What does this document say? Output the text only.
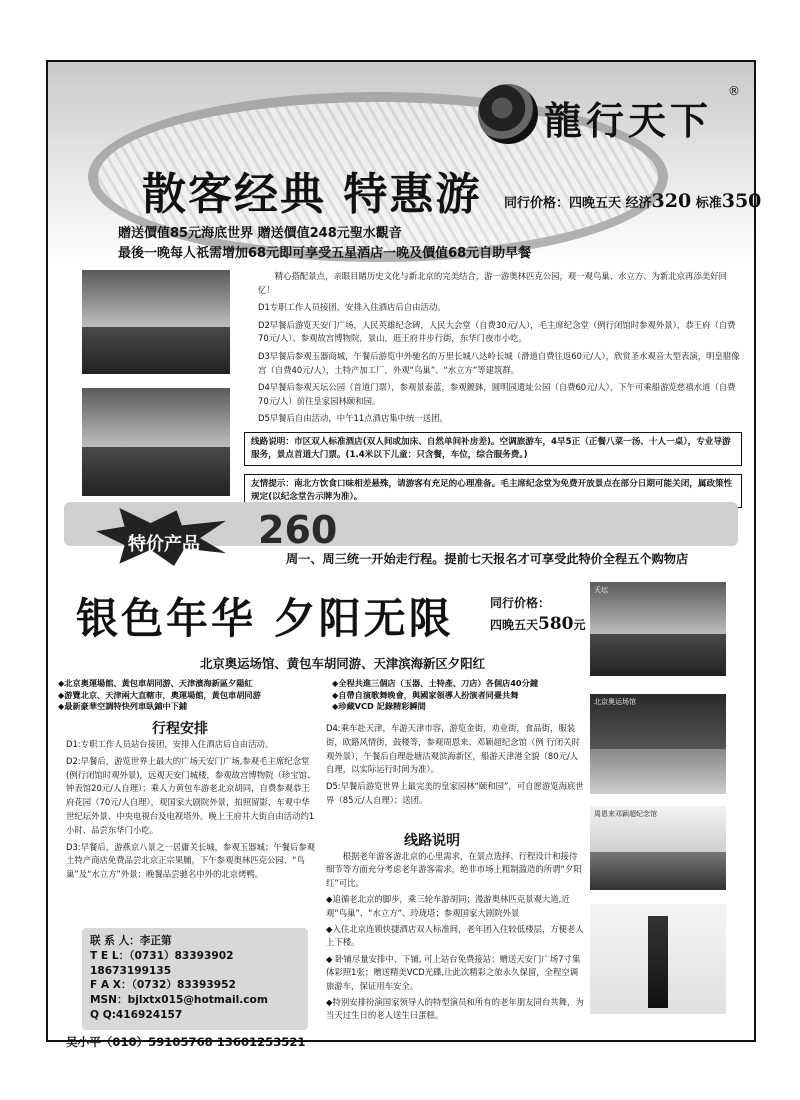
龍行天下
®
散客经典 特惠游 同行价格：四晚五天 经济320 标准350
贈送價值85元海底世界 贈送價值248元聖水觀音
最後一晚每人祇需增加68元即可享受五星酒店一晚及價值68元自助早餐

精心搭配景点，亲眼目睹历史文化与新北京的完美结合，游一游奥林匹克公园，观一观鸟巢、水立方、为新北京再添美好回忆！

D1专职工作人员接团，安排入住酒店后自由活动。

D2早餐后游览天安门广场，人民英雄纪念碑，人民大会堂（自费30元/人），毛主席纪念堂（例行闭馆时参观外景），恭王府（自费70元/人）。参观故宫博物院，景山，逛王府井步行街，东华门夜市小吃。

D3早餐后参观玉器商城，午餐后游览中外驰名的万里长城八达岭长城（滑道自费往返60元/人），欣赏圣水观音大型表演，明皇腊像宫（自费40元/人），土特产加工厂，外观“鸟巢”、“水立方”等建筑群。

D4早餐后参观天坛公园（首道门票），参观景泰蓝，参观鍍鉢，圆明园遗址公园（自费60元/人），下午可乘船游览慈禧水道（自费70元/人）前往皇家园林颐和园。

D5早餐后自由活动，中午11点酒店集中统一送团。

线路说明：市区双人标准酒店(双人间或加床、自然单间补房差)。空调旅游车，4早5正（正餐八菜一汤、十人一桌），专业导游服务，景点首道大门票。(1.4米以下儿童：只含餐，车位，综合服务费。)
友情提示：南北方饮食口味相差悬殊，请游客有充足的心理准备。毛主席纪念堂为免费开放景点在部分日期可能关闭，属政策性规定(以纪念堂告示牌为准）。
特价产品 260
周一、周三统一开始走行程。提前七天报名才可享受此特价全程五个购物店
银色年华 夕阳无限	同行价格：
四晚五天580元
天坛
北京奥运场馆、黄包车胡同游、天津滨海新区夕阳红
◆北京奥運場館、黃包車胡同游、天津濱海新區夕陽紅
◆游覽北京、天津兩大直轄市，奧運場館，黃包車胡同游
◆最新豪華空調特快列車臥鋪中下鋪
◆全程共進三個店（玉器、土特產、刀店）各個店40分鐘
◆自帶自演歌舞晚會，與國家領導人扮演者同臺共舞
◆珍藏VCD 記錄精彩瞬間	北京奥运场馆
行程安排

D1:专职工作人员站台接团，安排入住酒店后自由活动。

D2:早餐后，游览世界上最大的广场天安门广场,参观毛主席纪念堂(例行闭馆时观外景)，远观天安门城楼，参观故宫博物院（珍宝馆、钟表馆20元/人自理）；乘人力黄包车游老北京胡同，自费参观恭王府花园（70元/人自理），观国家大剧院外景，拍照留影，车观中华世纪坛外景、中央电视台及电视塔外。晚上王府井大街自由活动约1小时、品尝东华门小吃。

D3:早餐后，游燕京八景之一居庸关长城，参观玉器城；午餐后参观土特产商店免费品尝北京正宗果脯，下午参观奥林匹克公园、“鸟巢”及“水立方”外景；晚餐品尝驰名中外的北京烤鸭。

D4:乘车赴天津，车游天津市容，游览金街，劝业街，食品街，服装街，欧路风情街，鼓楼等，参观周恩来、邓颖超纪念馆（例 行闭关时观外景），午餐后自理赴塘沽观滨海新区，船游天津港全貌（80元/人自理，以实际运行时间为准）。

D5:早餐后游览世界上最完美的皇家园林“颐和园”，可自愿游览海底世界（85元/人自理）；送团。

线路说明

根据老年游客游北京的心里需求，在景点选择、行程设计和接待细节等方面充分考虑老年游客需求，绝非市场上粗制滥造的所谓“夕阳红”可比。

◆追循老北京的脚步，乘三轮车游胡同；漫游奥林匹克景观大道,近观“鸟巢”、“水立方”、玲珑塔；参观国家大剧院外景

◆入住北京连锁快捷酒店双人标准间，老年团入住较低楼层，方便老人上下楼。

◆ 卧铺尽量安排中、下铺, 可上站台免费接站；赠送天安门广场7寸集体彩照1张；赠送精美VCD光碟,让此次精彩之旅永久保留，全程空调旅游车，保证用车安全。

◆特别安排扮演国家领导人的特型演员和所有的老年朋友同台共舞，为当天过生日的老人送生日蛋糕。

周恩来邓颖超纪念馆
联 系 人：李正第
T E L：（0731）83393902 18673199135
F A X：（0732）83393952
MSN：bjlxtx015@hotmail.com
Q Q:416924157
吴小平（010）59105768 13601253521
